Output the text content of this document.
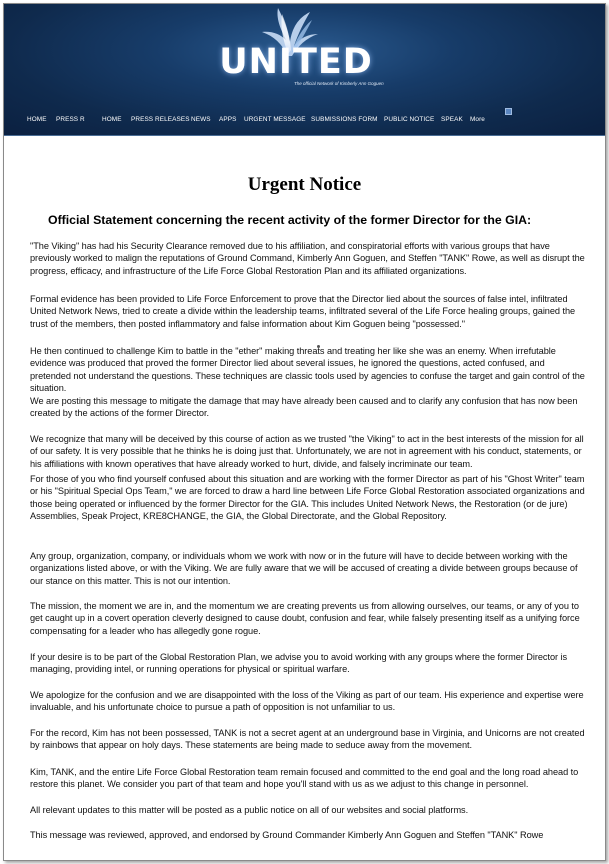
UNITED
The official Network of Kimberly Ann Goguen
HOME PRESS R	HOME PRESS RELEASES NEWS APPS URGENT MESSAGE SUBMISSIONS FORM PUBLIC NOTICE SPEAK More
Urgent Notice
Official Statement concerning the recent activity of the former Director for the GIA:
"The Viking" has had his Security Clearance removed due to his affiliation, and conspiratorial efforts with various groups that have previously worked to malign the reputations of Ground Command, Kimberly Ann Goguen, and Steffen "TANK" Rowe, as well as disrupt the progress, efficacy, and infrastructure of the Life Force Global Restoration Plan and its affiliated organizations.
Formal evidence has been provided to Life Force Enforcement to prove that the Director lied about the sources of false intel, infiltrated United Network News, tried to create a divide within the leadership teams, infiltrated several of the Life Force healing groups, gained the trust of the members, then posted inflammatory and false information about Kim Goguen being "possessed."
He then continued to challenge Kim to battle in the "ether" making threats and treating her like she was an enemy. When irrefutable evidence was produced that proved the former Director lied about several issues, he ignored the questions, acted confused, and pretended not understand the questions. These techniques are classic tools used by agencies to confuse the target and gain control of the situation.
We are posting this message to mitigate the damage that may have already been caused and to clarify any confusion that has now been created by the actions of the former Director.
We recognize that many will be deceived by this course of action as we trusted "the Viking" to act in the best interests of the mission for all of our safety. It is very possible that he thinks he is doing just that. Unfortunately, we are not in agreement with his conduct, statements, or his affiliations with known operatives that have already worked to hurt, divide, and falsely incriminate our team.
For those of you who find yourself confused about this situation and are working with the former Director as part of his "Ghost Writer" team or his "Spiritual Special Ops Team," we are forced to draw a hard line between Life Force Global Restoration associated organizations and those being operated or influenced by the former Director for the GIA. This includes United Network News, the Restoration (or de jure) Assemblies, Speak Project, KRE8CHANGE, the GIA, the Global Directorate, and the Global Repository.
Any group, organization, company, or individuals whom we work with now or in the future will have to decide between working with the organizations listed above, or with the Viking. We are fully aware that we will be accused of creating a divide between groups because of our stance on this matter. This is not our intention.
The mission, the moment we are in, and the momentum we are creating prevents us from allowing ourselves, our teams, or any of you to get caught up in a covert operation cleverly designed to cause doubt, confusion and fear, while falsely presenting itself as a unifying force compensating for a leader who has allegedly gone rogue.
If your desire is to be part of the Global Restoration Plan, we advise you to avoid working with any groups where the former Director is managing, providing intel, or running operations for physical or spiritual warfare.
We apologize for the confusion and we are disappointed with the loss of the Viking as part of our team. His experience and expertise were invaluable, and his unfortunate choice to pursue a path of opposition is not unfamiliar to us.
For the record, Kim has not been possessed, TANK is not a secret agent at an underground base in Virginia, and Unicorns are not created by rainbows that appear on holy days. These statements are being made to seduce away from the movement.
Kim, TANK, and the entire Life Force Global Restoration team remain focused and committed to the end goal and the long road ahead to restore this planet. We consider you part of that team and hope you'll stand with us as we adjust to this change in personnel.
All relevant updates to this matter will be posted as a public notice on all of our websites and social platforms.
This message was reviewed, approved, and endorsed by Ground Commander Kimberly Ann Goguen and Steffen "TANK" Rowe
